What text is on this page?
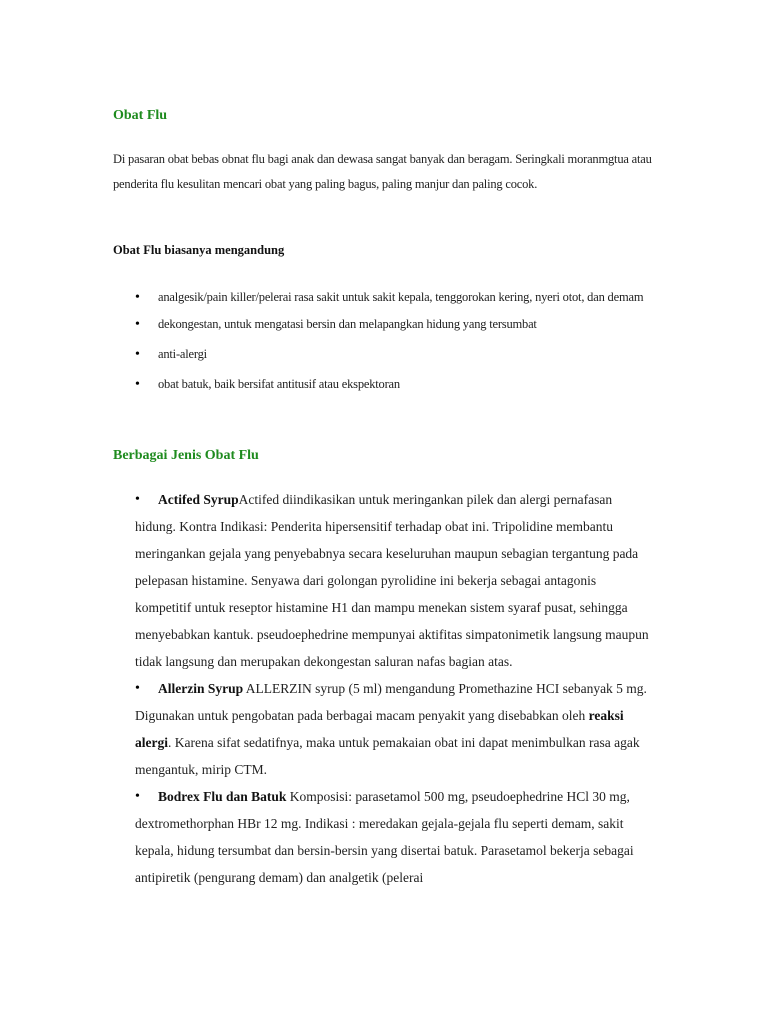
Obat Flu

Di pasaran obat bebas obnat flu bagi anak dan dewasa sangat banyak dan beragam. Seringkali moranmgtua atau penderita flu kesulitan mencari obat yang paling bagus, paling manjur dan paling cocok.

Obat Flu biasanya mengandung
•	analgesik/pain killer/pelerai rasa sakit untuk sakit kepala, tenggorokan kering, nyeri otot, dan demam
•	dekongestan, untuk mengatasi bersin dan melapangkan hidung yang tersumbat
•	anti-alergi
•	obat batuk, baik bersifat antitusif atau ekspektoran
Berbagai Jenis Obat Flu
•	Actifed SyrupActifed diindikasikan untuk meringankan pilek dan alergi pernafasan hidung. Kontra Indikasi: Penderita hipersensitif terhadap obat ini. Tripolidine membantu meringankan gejala yang penyebabnya secara keseluruhan maupun sebagian tergantung pada pelepasan histamine. Senyawa dari golongan pyrolidine ini bekerja sebagai antagonis kompetitif untuk reseptor histamine H1 dan mampu menekan sistem syaraf pusat, sehingga menyebabkan kantuk. pseudoephedrine mempunyai aktifitas simpatonimetik langsung maupun tidak langsung dan merupakan dekongestan saluran nafas bagian atas.
•	Allerzin Syrup ALLERZIN syrup (5 ml) mengandung Promethazine HCI sebanyak 5 mg. Digunakan untuk pengobatan pada berbagai macam penyakit yang disebabkan oleh reaksi alergi. Karena sifat sedatifnya, maka untuk pemakaian obat ini dapat menimbulkan rasa agak mengantuk, mirip CTM.
•	Bodrex Flu dan Batuk Komposisi: parasetamol 500 mg, pseudoephedrine HCl 30 mg, dextromethorphan HBr 12 mg. Indikasi : meredakan gejala-gejala flu seperti demam, sakit kepala, hidung tersumbat dan bersin-bersin yang disertai batuk. Parasetamol bekerja sebagai antipiretik (pengurang demam) dan analgetik (pelerai
